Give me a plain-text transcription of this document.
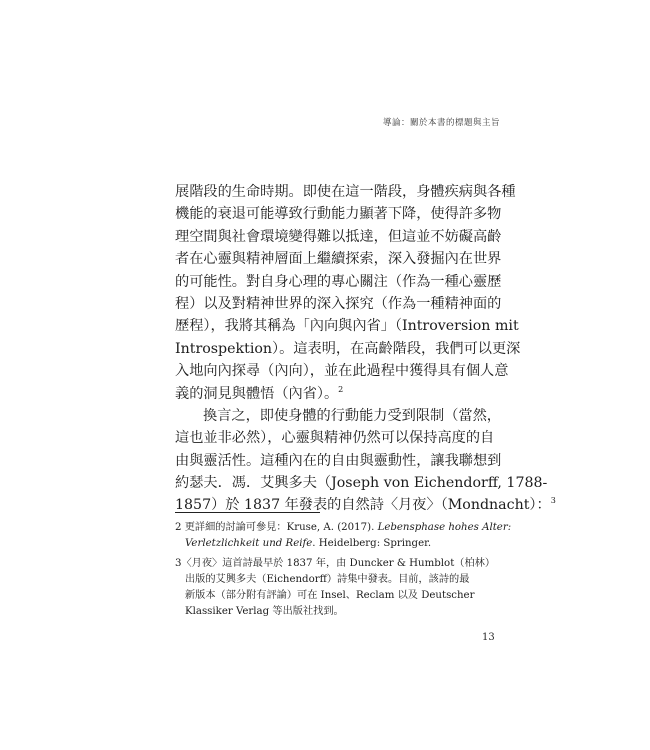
導論：關於本書的標題與主旨

展階段的生命時期。即使在這一階段，身體疾病與各種
機能的衰退可能導致行動能力顯著下降，使得許多物
理空間與社會環境變得難以抵達，但這並不妨礙高齡
者在心靈與精神層面上繼續探索，深入發掘內在世界
的可能性。對自身心理的專心關注（作為一種心靈歷
程）以及對精神世界的深入探究（作為一種精神面的
歷程），我將其稱為「內向與內省」（Introversion mit
Introspektion）。這表明，在高齡階段，我們可以更深
入地向內探尋（內向），並在此過程中獲得具有個人意
義的洞見與體悟（內省）。$^2$

換言之，即使身體的行動能力受到限制（當然，
這也並非必然），心靈與精神仍然可以保持高度的自
由與靈活性。這種內在的自由與靈動性，讓我聯想到
約瑟夫．馮．艾興多夫（Joseph von Eichendorff, 1788-
1857）於 1837 年發表的自然詩〈月夜〉（Mondnacht）：$^3$

2 更詳細的討論可參見：Kruse, A. (2017). Lebensphase hohes Alter:
Verletzlichkeit und Reife. Heidelberg: Springer.
3〈月夜〉這首詩最早於 1837 年，由 Duncker & Humblot（柏林）
出版的艾興多夫（Eichendorff）詩集中發表。目前，該詩的最
新版本（部分附有評論）可在 Insel、Reclam 以及 Deutscher
Klassiker Verlag 等出版社找到。
13
